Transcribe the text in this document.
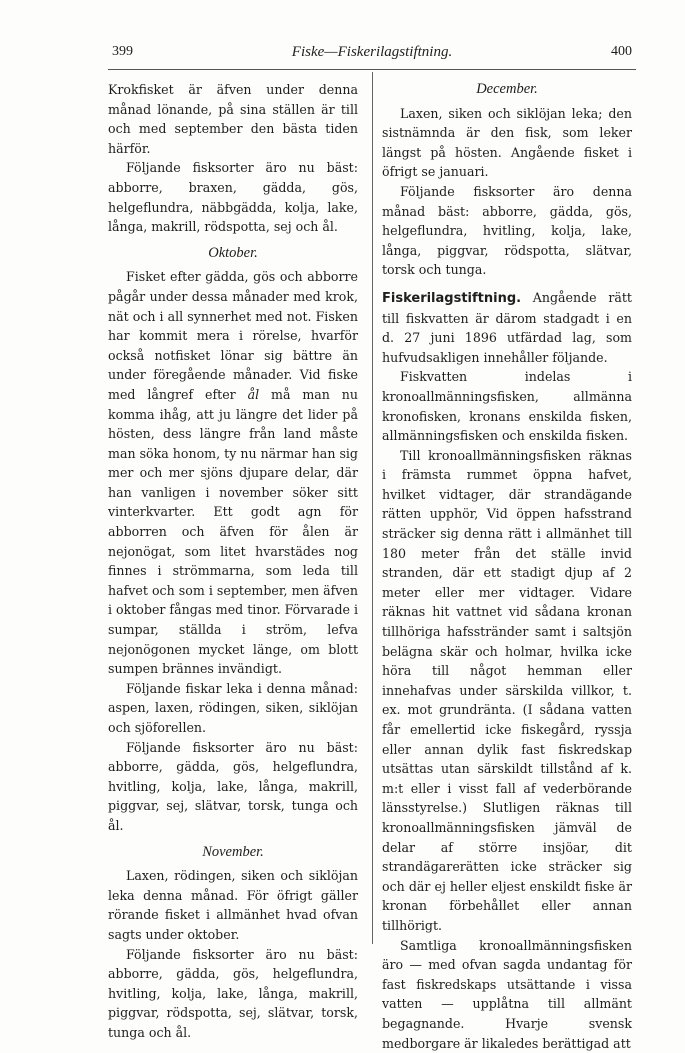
399	Fiske—Fiskerilagstiftning.	400

Krokfisket är äfven under denna månad lönande, på sina ställen är till och med september den bästa tiden härför.

Följande fisksorter äro nu bäst: abborre, braxen, gädda, gös, helgeflundra, näbbgädda, kolja, lake, långa, makrill, rödspotta, sej och ål.

Oktober.

Fisket efter gädda, gös och abborre pågår under dessa månader med krok, nät och i all synnerhet med not. Fisken har kommit mera i rörelse, hvarför också notfisket lönar sig bättre än under föregående månader. Vid fiske med långref efter ål må man nu komma ihåg, att ju längre det lider på hösten, dess längre från land måste man söka honom, ty nu närmar han sig mer och mer sjöns djupare delar, där han vanligen i november söker sitt vinterkvarter. Ett godt agn för abborren och äfven för ålen är nejonögat, som litet hvarstädes nog finnes i strömmarna, som leda till hafvet och som i september, men äfven i oktober fångas med tinor. Förvarade i sumpar, ställda i ström, lefva nejonögonen mycket länge, om blott sumpen brännes invändigt.

Följande fiskar leka i denna månad: aspen, laxen, rödingen, siken, siklöjan och sjöforellen.

Följande fisksorter äro nu bäst: abborre, gädda, gös, helgeflundra, hvitling, kolja, lake, långa, makrill, piggvar, sej, slätvar, torsk, tunga och ål.

November.

Laxen, rödingen, siken och siklöjan leka denna månad. För öfrigt gäller rörande fisket i allmänhet hvad ofvan sagts under oktober.

Följande fisksorter äro nu bäst: abborre, gädda, gös, helgeflundra, hvitling, kolja, lake, långa, makrill, piggvar, rödspotta, sej, slätvar, torsk, tunga och ål.

December.

Laxen, siken och siklöjan leka; den sistnämnda är den fisk, som leker längst på hösten. Angående fisket i öfrigt se januari.

Följande fisksorter äro denna månad bäst: abborre, gädda, gös, helgeflundra, hvitling, kolja, lake, långa, piggvar, rödspotta, slätvar, torsk och tunga.

Fiskerilagstiftning. Angående rätt till fiskvatten är därom stadgadt i en d. 27 juni 1896 utfärdad lag, som hufvudsakligen innehåller följande.

Fiskvatten indelas i kronoallmänningsfisken, allmänna kronofisken, kronans enskilda fisken, allmänningsfisken och enskilda fisken.

Till kronoallmänningsfisken räknas i främsta rummet öppna hafvet, hvilket vidtager, där strandägande rätten upphör, Vid öppen hafsstrand sträcker sig denna rätt i allmänhet till 180 meter från det ställe invid stranden, där ett stadigt djup af 2 meter eller mer vidtager. Vidare räknas hit vattnet vid sådana kronan tillhöriga hafsstränder samt i saltsjön belägna skär och holmar, hvilka icke höra till något hemman eller innehafvas under särskilda villkor, t. ex. mot grundränta. (I sådana vatten får emellertid icke fiskegård, ryssja eller annan dylik fast fiskredskap utsättas utan särskildt tillstånd af k. m:t eller i visst fall af vederbörande länsstyrelse.) Slutligen räknas till kronoallmänningsfisken jämväl de delar af större insjöar, dit strandägarerätten icke sträcker sig och där ej heller eljest enskildt fiske är kronan förbehållet eller annan tillhörigt.

Samtliga kronoallmänningsfisken äro — med ofvan sagda undantag för fast fiskredskaps utsättande i vissa vatten — upplåtna till allmänt begagnande. Hvarje svensk medborgare är likaledes berättigad att
